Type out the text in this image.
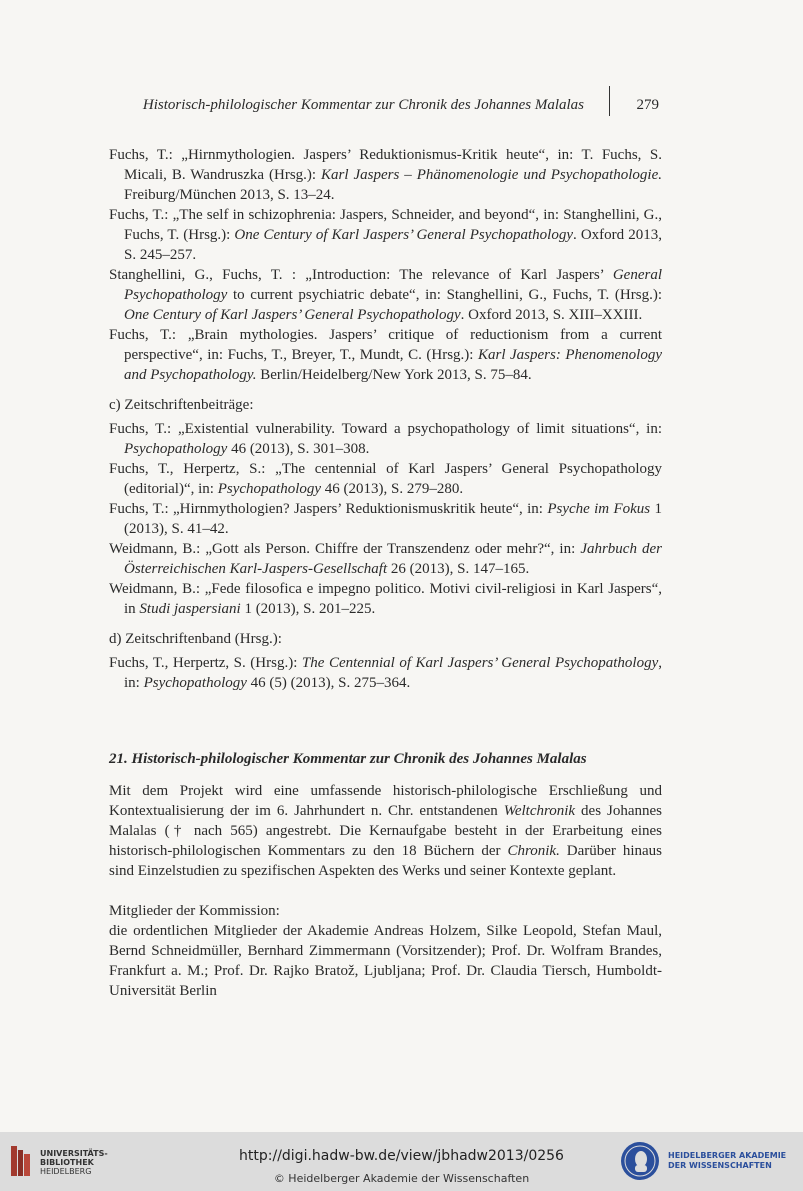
Historisch-philologischer Kommentar zur Chronik des Johannes Malalas	279
Fuchs, T.: „Hirnmythologien. Jaspers’ Reduktionismus-Kritik heute“, in: T. Fuchs, S. Micali, B. Wandruszka (Hrsg.): Karl Jaspers – Phänomenologie und Psychopathologie. Freiburg/München 2013, S. 13–24.
Fuchs, T.: „The self in schizophrenia: Jaspers, Schneider, and beyond“, in: Stanghellini, G., Fuchs, T. (Hrsg.): One Century of Karl Jaspers’ General Psychopathology. Oxford 2013, S. 245–257.
Stanghellini, G., Fuchs, T. : „Introduction: The relevance of Karl Jaspers’ General Psychopathology to current psychiatric debate“, in: Stanghellini, G., Fuchs, T. (Hrsg.): One Century of Karl Jaspers’ General Psychopathology. Oxford 2013, S. XIII–XXIII.
Fuchs, T.: „Brain mythologies. Jaspers’ critique of reductionism from a current perspective“, in: Fuchs, T., Breyer, T., Mundt, C. (Hrsg.): Karl Jaspers: Phenomenology and Psychopathology. Berlin/Heidelberg/New York 2013, S. 75–84.
c) Zeitschriftenbeiträge:
Fuchs, T.: „Existential vulnerability. Toward a psychopathology of limit situations“, in: Psychopathology 46 (2013), S. 301–308.
Fuchs, T., Herpertz, S.: „The centennial of Karl Jaspers’ General Psychopathology (editorial)“, in: Psychopathology 46 (2013), S. 279–280.
Fuchs, T.: „Hirnmythologien? Jaspers’ Reduktionismuskritik heute“, in: Psyche im Fokus 1 (2013), S. 41–42.
Weidmann, B.: „Gott als Person. Chiffre der Transzendenz oder mehr?“, in: Jahrbuch der Österreichischen Karl-Jaspers-Gesellschaft 26 (2013), S. 147–165.
Weidmann, B.: „Fede filosofica e impegno politico. Motivi civil-religiosi in Karl Jaspers“, in Studi jaspersiani 1 (2013), S. 201–225.
d) Zeitschriftenband (Hrsg.):
Fuchs, T., Herpertz, S. (Hrsg.): The Centennial of Karl Jaspers’ General Psychopathology, in: Psychopathology 46 (5) (2013), S. 275–364.
21. Historisch-philologischer Kommentar zur Chronik des Johannes Malalas
Mit dem Projekt wird eine umfassende historisch-philologische Erschließung und Kontextualisierung der im 6. Jahrhundert n. Chr. entstandenen Weltchronik des Johannes Malalas († nach 565) angestrebt. Die Kernaufgabe besteht in der Erarbeitung eines historisch-philologischen Kommentars zu den 18 Büchern der Chronik. Darüber hinaus sind Einzelstudien zu spezifischen Aspekten des Werks und seiner Kontexte geplant.
Mitglieder der Kommission:
die ordentlichen Mitglieder der Akademie Andreas Holzem, Silke Leopold, Stefan Maul, Bernd Schneidmüller, Bernhard Zimmermann (Vorsitzender); Prof. Dr. Wolfram Brandes, Frankfurt a. M.; Prof. Dr. Rajko Bratož, Ljubljana; Prof. Dr. Claudia Tiersch, Humboldt-Universität Berlin
UNIVERSITÄTS-
BIBLIOTHEK
HEIDELBERG
http://digi.hadw-bw.de/view/jbhadw2013/0256
© Heidelberger Akademie der Wissenschaften
HEIDELBERGER AKADEMIE
DER WISSENSCHAFTEN
